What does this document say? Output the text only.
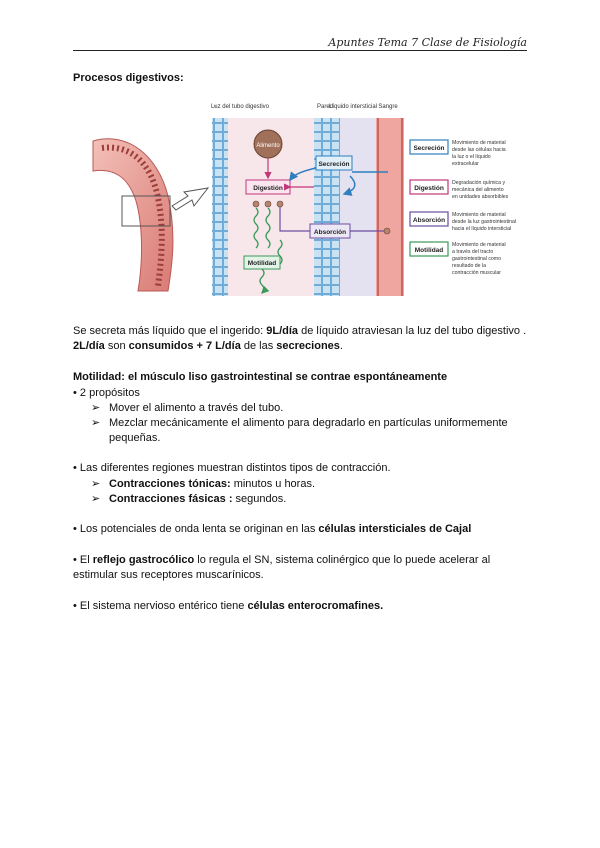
Apuntes Tema 7 Clase de Fisiología
Procesos digestivos:
Luz del tubo digestivo	Pared
Líquido intersticial Sangre
Alimento
Digestión
Secreción
Absorción
Motilidad
Secreción
Movimiento de material
desde las células hacia
la luz o el líquido
extracelular
Digestión
Degradación química y
mecánica del alimento
en unidades absorbibles
Absorción
Movimiento de material
desde la luz gastrointestinal
hacia el líquido intersticial
Motilidad
Movimiento de material
a través del tracto
gastrointestinal como
resultado de la
contracción muscular
Se secreta más líquido que el ingerido: 9L/día de líquido atraviesan la luz del tubo digestivo .
2L/día son consumidos + 7 L/día de las secreciones.
Motilidad: el músculo liso gastrointestinal se contrae espontáneamente
• 2 propósitos
➢ Mover el alimento a través del tubo.
➢ Mezclar mecánicamente el alimento para degradarlo en partículas uniformemente
pequeñas.
• Las diferentes regiones muestran distintos tipos de contracción.
➢ Contracciones tónicas: minutos u horas.
➢ Contracciones fásicas : segundos.
• Los potenciales de onda lenta se originan en las células intersticiales de Cajal
• El reflejo gastrocólico lo regula el SN, sistema colinérgico que lo puede acelerar al
estimular sus receptores muscarínicos.
• El sistema nervioso entérico tiene células enterocromafines.
